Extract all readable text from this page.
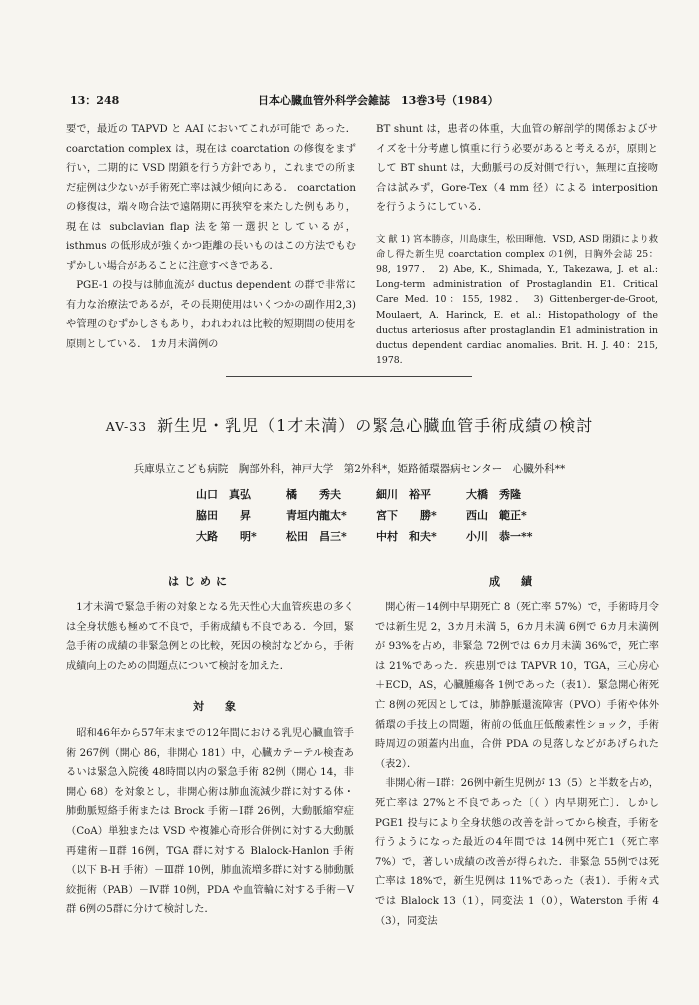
13：248	日本心臓血管外科学会雑誌　13巻3号（1984）

要で，最近の TAPVD と AAI においてこれが可能で あった． coarctation complex は，現在は coarctation の修復をまず行い，二期的に VSD 閉鎖を行う方針であり，これまでの所まだ症例は少ないが手術死亡率は減少傾向にある． coarctation の修復は，端々吻合法で遠隔期に再狭窄を来たした例もあり，現在は subclavian flap 法を第一選択としているが， isthmus の低形成が強くかつ距離の長いものはこの方法でもむずかしい場合があることに注意すべきである．

PGE-1 の投与は肺血流が ductus dependent の群で非常に有力な治療法であるが，その長期使用はいくつかの副作用2,3)や管理のむずかしさもあり，われわれは比較的短期間の使用を原則としている． 1カ月未満例の

BT shunt は，患者の体重，大血管の解剖学的関係およびサイズを十分考慮し慎重に行う必要があると考えるが，原則として BT shunt は，大動脈弓の反対側で行い，無理に直接吻合は試みず，Gore-Tex（4 mm 径）による interposition を行うようにしている．

文 献 1) 宮本勝彦，川島康生，松田暉他．VSD, ASD 閉鎖により救命し得た新生児 coarctation complex の1例，日胸外会誌 25：98, 1977． 2) Abe, K., Shimada, Y., Takezawa, J. et al.: Long-term administration of Prostaglandin E1. Critical Care Med. 10：155, 1982． 3) Gittenberger-de-Groot, Moulaert, A. Harinck, E. et al.: Histopathology of the ductus arteriosus after prostaglandin E1 administration in ductus dependent cardiac anomalies. Brit. H. J. 40：215, 1978.

AV-33 新生児・乳児（1才未満）の緊急心臓血管手術成績の検討
兵庫県立こども病院　胸部外科，神戸大学　第2外科*，姫路循環器病センター　心臓外科**
山口　真弘	橘　　秀夫	細川　裕平	大橋　秀隆
脇田　　昇	青垣内龍太*	宮下　　勝*	西山　範正*
大路　　明*	松田　昌三*	中村　和夫*	小川　恭一**
はじめに

1才未満で緊急手術の対象となる先天性心大血管疾患の多くは全身状態も極めて不良で，手術成績も不良である．今回，緊急手術の成績の非緊急例との比較，死因の検討などから，手術成績向上のための問題点について検討を加えた．

対　象

昭和46年から57年末までの12年間における乳児心臓血管手術 267例（開心 86，非開心 181）中，心臓カテーテル検査あるいは緊急入院後 48時間以内の緊急手術 82例（開心 14，非開心 68）を対象とし，非開心術は肺血流減少群に対する体・肺動脈短絡手術または Brock 手術－Ⅰ群 26例，大動脈縮窄症（CoA）単独または VSD や複雑心奇形合併例に対する大動脈再建術－Ⅱ群 16例，TGA 群に対する Blalock-Hanlon 手術（以下 B-H 手術）－Ⅲ群 10例，肺血流増多群に対する肺動脈絞扼術（PAB）－Ⅳ群 10例，PDA や血管輪に対する手術－Ⅴ群 6例の5群に分けて検討した．

成　績

開心術－14例中早期死亡 8（死亡率 57%）で，手術時月令では新生児 2，3カ月未満 5，6カ月未満 6例で 6カ月未満例が 93%を占め，非緊急 72例では 6カ月未満 36%で，死亡率は 21%であった．疾患別では TAPVR 10，TGA，三心房心＋ECD，AS，心臓腫瘍各 1例であった（表1）．緊急開心術死亡 8例の死因としては，肺静脈還流障害（PVO）手術や体外循環の手技上の問題，術前の低血圧低酸素性ショック，手術時周辺の頭蓋内出血，合併 PDA の見落しなどがあげられた（表2）．

非開心術－Ⅰ群：26例中新生児例が 13（5）と半数を占め，死亡率は 27%と不良であった〔（ ）内早期死亡〕．しかし PGE1 投与により全身状態の改善を計ってから検査，手術を行うようになった最近の4年間では 14例中死亡1（死亡率 7%）で，著しい成績の改善が得られた．非緊急 55例では死亡率は 18%で，新生児例は 11%であった（表1）．手術々式では Blalock 13（1），同変法 1（0），Waterston 手術 4（3），同変法
